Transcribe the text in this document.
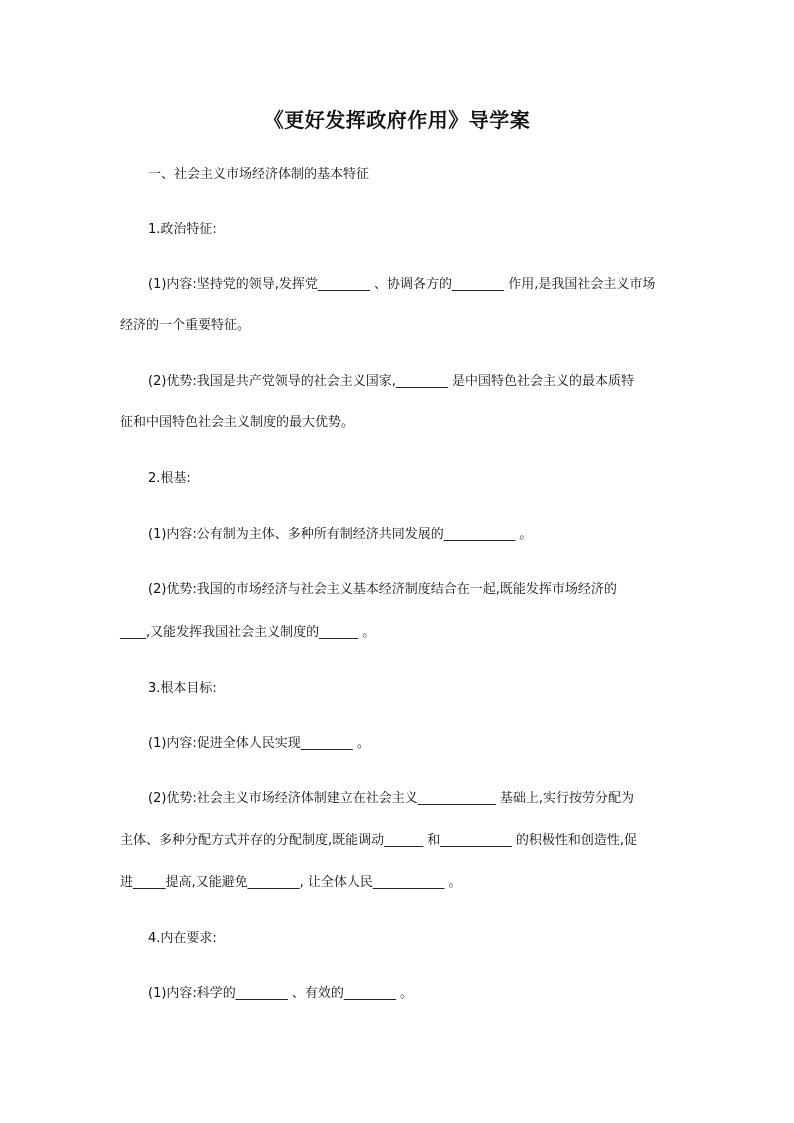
《更好发挥政府作用》导学案
一、社会主义市场经济体制的基本特征
1.政治特征:
(1)内容:坚持党的领导,发挥党________ 、协调各方的________ 作用,是我国社会主义市场
经济的一个重要特征。
(2)优势:我国是共产党领导的社会主义国家,________ 是中国特色社会主义的最本质特
征和中国特色社会主义制度的最大优势。
2.根基:
(1)内容:公有制为主体、多种所有制经济共同发展的___________ 。
(2)优势:我国的市场经济与社会主义基本经济制度结合在一起,既能发挥市场经济的
____,又能发挥我国社会主义制度的______ 。
3.根本目标:
(1)内容:促进全体人民实现________ 。
(2)优势:社会主义市场经济体制建立在社会主义____________ 基础上,实行按劳分配为
主体、多种分配方式并存的分配制度,既能调动______ 和___________ 的积极性和创造性,促
进_____提高,又能避免________, 让全体人民___________ 。
4.内在要求:
(1)内容:科学的________ 、有效的________ 。
